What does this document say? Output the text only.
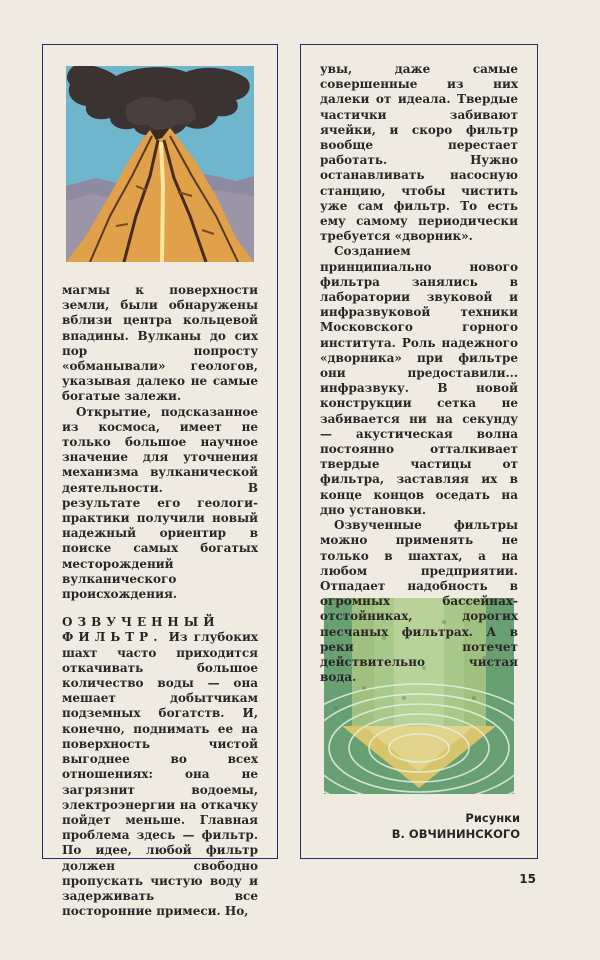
магмы к поверхности земли, были обнаружены вблизи центра кольцевой впадины. Вулканы до сих пор попросту «обманывали» геологов, указывая далеко не самые богатые залежи.

Открытие, подсказанное из космоса, имеет не только большое научное значение для уточнения механизма вулканической деятельности. В результате его геологи-практики получили новый надежный ориентир в поиске самых богатых месторождений вулканического происхождения.

ОЗВУЧЕННЫЙ ФИЛЬТР. Из глубоких шахт часто приходится откачивать большое количество воды — она мешает добытчикам подземных богатств. И, конечно, поднимать ее на поверхность чистой выгоднее во всех отношениях: она не загрязнит водоемы, электроэнергии на откачку пойдет меньше. Главная проблема здесь — фильтр. По идее, любой фильтр должен свободно пропускать чистую воду и задерживать все посторонние примеси. Но,

увы, даже самые совершенные из них далеки от идеала. Твердые частички забивают ячейки, и скоро фильтр вообще перестает работать. Нужно останавливать насосную станцию, чтобы чистить уже сам фильтр. То есть ему самому периодически требуется «дворник».

Созданием принципиально нового фильтра занялись в лаборатории звуковой и инфразвуковой техники Московского горного института. Роль надежного «дворника» при фильтре они предоставили... инфразвуку. В новой конструкции сетка не забивается ни на секунду — акустическая волна постоянно отталкивает твердые частицы от фильтра, заставляя их в конце концов оседать на дно установки.

Озвученные фильтры можно применять не только в шахтах, а на любом предприятии. Отпадает надобность в огромных бассейнах-отстойниках, дорогих песчаных фильтрах. А в реки потечет действительно чистая вода.

Рисунки
В. ОВЧИНИНСКОГО
15
